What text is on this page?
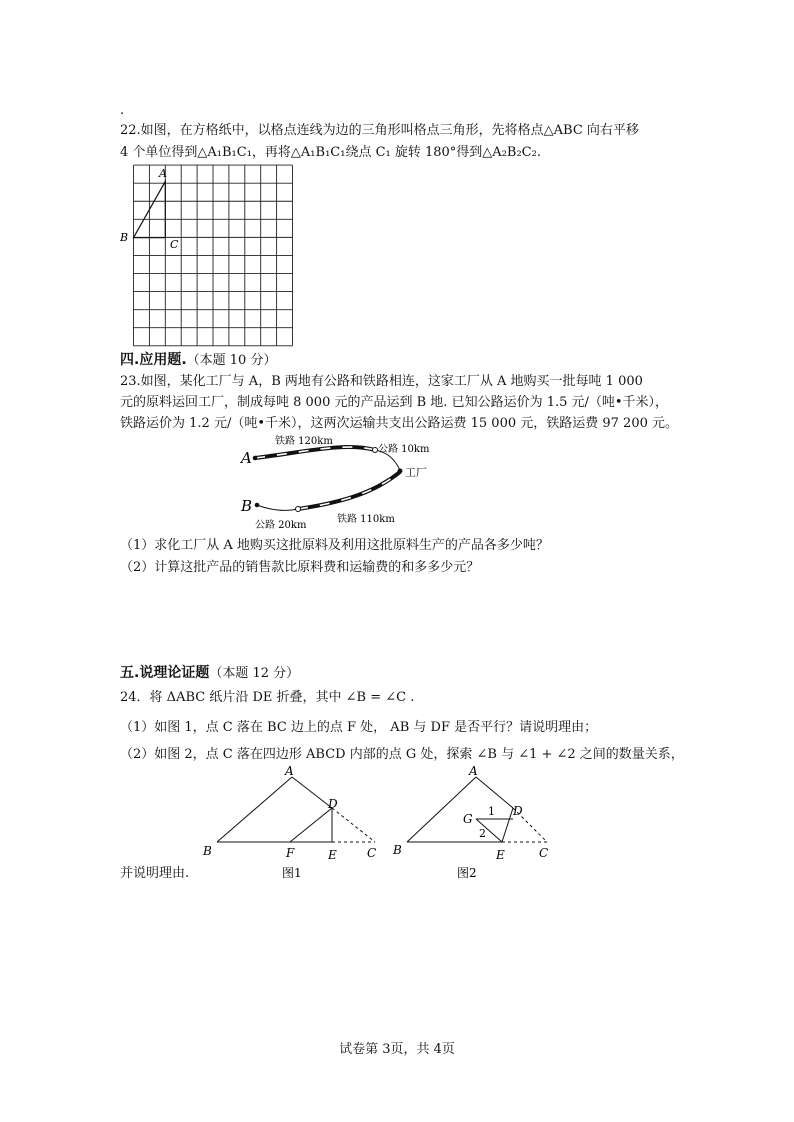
.
22.如图，在方格纸中，以格点连线为边的三角形叫格点三角形，先将格点△ABC 向右平移
4 个单位得到△A₁B₁C₁，再将△A₁B₁C₁绕点 C₁ 旋转 180°得到△A₂B₂C₂.
A
B
C
四.应用题.（本题 10 分）
23.如图，某化工厂与 A，B 两地有公路和铁路相连，这家工厂从 A 地购买一批每吨 1 000
元的原料运回工厂，制成每吨 8 000 元的产品运到 B 地. 已知公路运价为 1.5 元/（吨•千米），
铁路运价为 1.2 元/（吨•千米），这两次运输共支出公路运费 15 000 元，铁路运费 97 200 元。
A
B
铁路 120km
公路 10km
工厂
公路 20km
铁路 110km
（1）求化工厂从 A 地购买这批原料及利用这批原料生产的产品各多少吨？
（2）计算这批产品的销售款比原料费和运输费的和多多少元？
五.说理论证题（本题 12 分）
24．将 ΔABC 纸片沿 DE 折叠，其中 ∠B = ∠C .
（1）如图 1，点 C 落在 BC 边上的点 F 处， AB 与 DF 是否平行？请说明理由；
（2）如图 2，点 C 落在四边形 ABCD 内部的点 G 处，探索 ∠B 与 ∠1 + ∠2 之间的数量关系，
A
B	C
D
E
F
图1
A
B	C
D
E
G
1
2
图2
并说明理由.
试卷第 3页，共 4页
